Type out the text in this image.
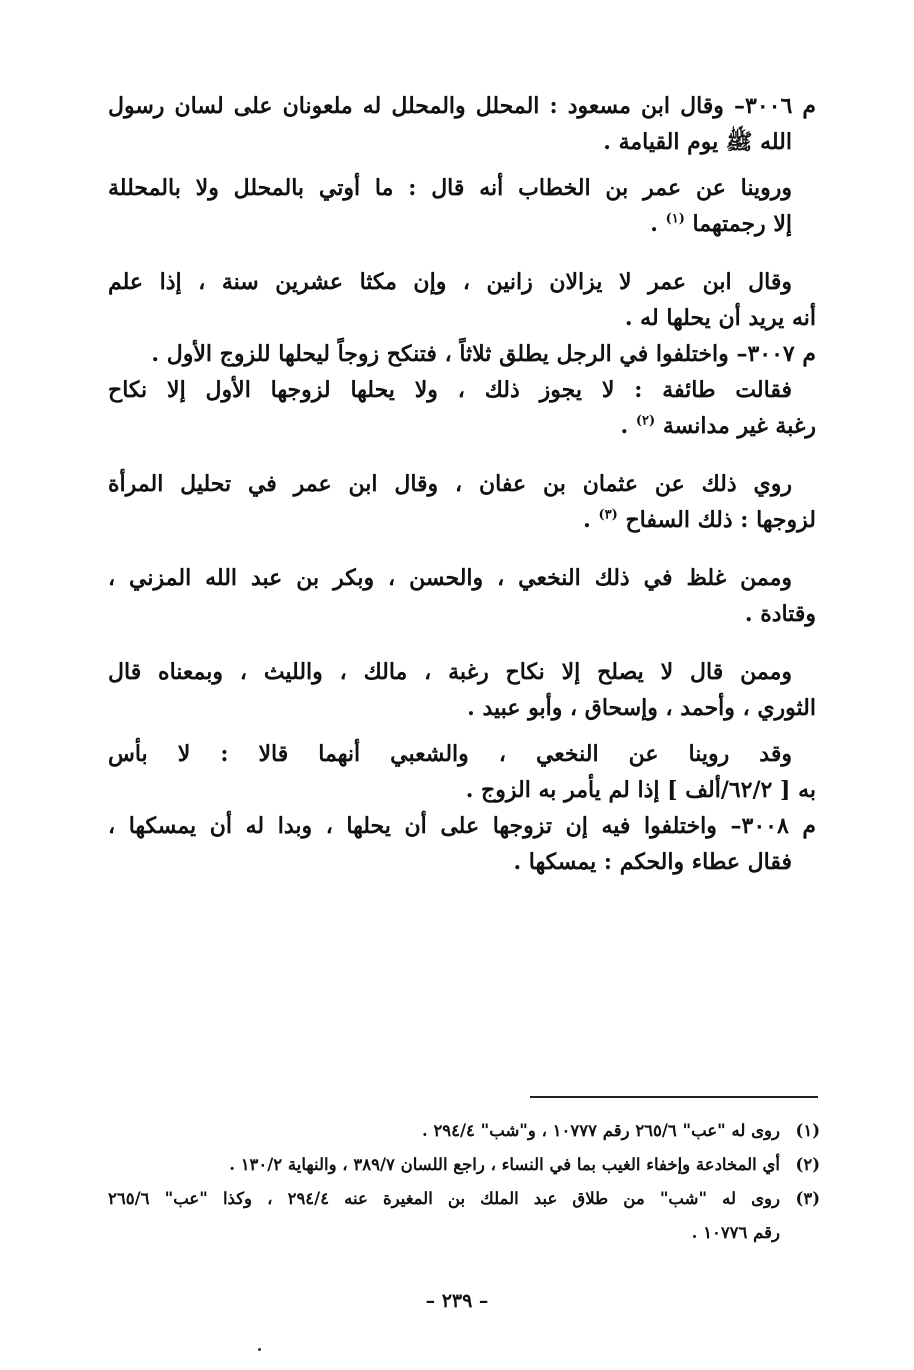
م ٣٠٠٦– وقال ابن مسعود : المحلل والمحلل له ملعونان على لسان رسول
الله ﷺ يوم القيامة .
وروينا عن عمر بن الخطاب أنه قال : ما أوتي بالمحلل ولا بالمحللة
إلا رجمتهما $^{(١)}$ .
وقال ابن عمر لا يزالان زانين ، وإن مكثا عشرين سنة ، إذا علم
أنه يريد أن يحلها له .
م ٣٠٠٧– واختلفوا في الرجل يطلق ثلاثاً ، فتنكح زوجاً ليحلها للزوج الأول .
فقالت طائفة : لا يجوز ذلك ، ولا يحلها لزوجها الأول إلا نكاح
رغبة غير مدانسة $^{(٢)}$ .
روي ذلك عن عثمان بن عفان ، وقال ابن عمر في تحليل المرأة
لزوجها : ذلك السفاح $^{(٣)}$ .
وممن غلظ في ذلك النخعي ، والحسن ، وبكر بن عبد الله المزني ،
وقتادة .
وممن قال لا يصلح إلا نكاح رغبة ، مالك ، والليث ، وبمعناه قال
الثوري ، وأحمد ، وإسحاق ، وأبو عبيد .
وقد روينا عن النخعي ، والشعبي أنهما قالا : لا بأس
به [ ٦٢/٢/ألف ] إذا لم يأمر به الزوج .
م ٣٠٠٨– واختلفوا فيه إن تزوجها على أن يحلها ، وبدا له أن يمسكها ،
فقال عطاء والحكم : يمسكها .
(١)روى له "عب" ٢٦٥/٦ رقم ١٠٧٧٧ ، و"شب" ٢٩٤/٤ .
(٢)أي المخادعة وإخفاء الغيب بما في النساء ، راجع اللسان ٣٨٩/٧ ، والنهاية ١٣٠/٢ .
(٣)روى له "شب" من طلاق عبد الملك بن المغيرة عنه ٢٩٤/٤ ، وكذا "عب" ٢٦٥/٦
رقم ١٠٧٧٦ .
– ٢٣٩ –
